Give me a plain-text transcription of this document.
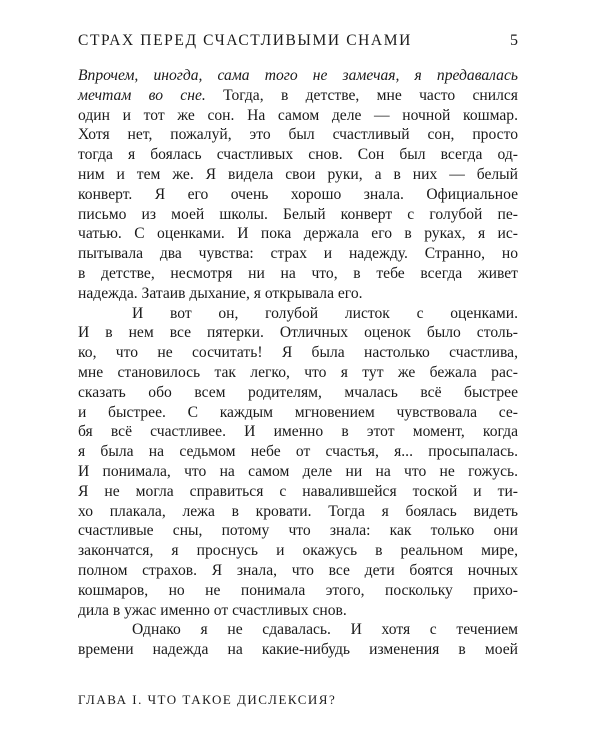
СТРАХ ПЕРЕД СЧАСТЛИВЫМИ СНАМИ	5
Впрочем, иногда, сама того не замечая, я предавалась
мечтам во сне. Тогда, в детстве, мне часто снился
один и тот же сон. На самом деле — ночной кошмар.
Хотя нет, пожалуй, это был счастливый сон, просто
тогда я боялась счастливых снов. Сон был всегда од-
ним и тем же. Я видела свои руки, а в них — белый
конверт. Я его очень хорошо знала. Официальное
письмо из моей школы. Белый конверт с голубой пе-
чатью. С оценками. И пока держала его в руках, я ис-
пытывала два чувства: страх и надежду. Странно, но
в детстве, несмотря ни на что, в тебе всегда живет
надежда. Затаив дыхание, я открывала его.
И вот он, голубой листок с оценками.
И в нем все пятерки. Отличных оценок было столь-
ко, что не сосчитать! Я была настолько счастлива,
мне становилось так легко, что я тут же бежала рас-
сказать обо всем родителям, мчалась всё быстрее
и быстрее. С каждым мгновением чувствовала се-
бя всё счастливее. И именно в этот момент, когда
я была на седьмом небе от счастья, я... просыпалась.
И понимала, что на самом деле ни на что не гожусь.
Я не могла справиться с навалившейся тоской и ти-
хо плакала, лежа в кровати. Тогда я боялась видеть
счастливые сны, потому что знала: как только они
закончатся, я проснусь и окажусь в реальном мире,
полном страхов. Я знала, что все дети боятся ночных
кошмаров, но не понимала этого, поскольку прихо-
дила в ужас именно от счастливых снов.
Однако я не сдавалась. И хотя с течением
времени надежда на какие-нибудь изменения в моей
ГЛАВА I. ЧТО ТАКОЕ ДИСЛЕКСИЯ?
